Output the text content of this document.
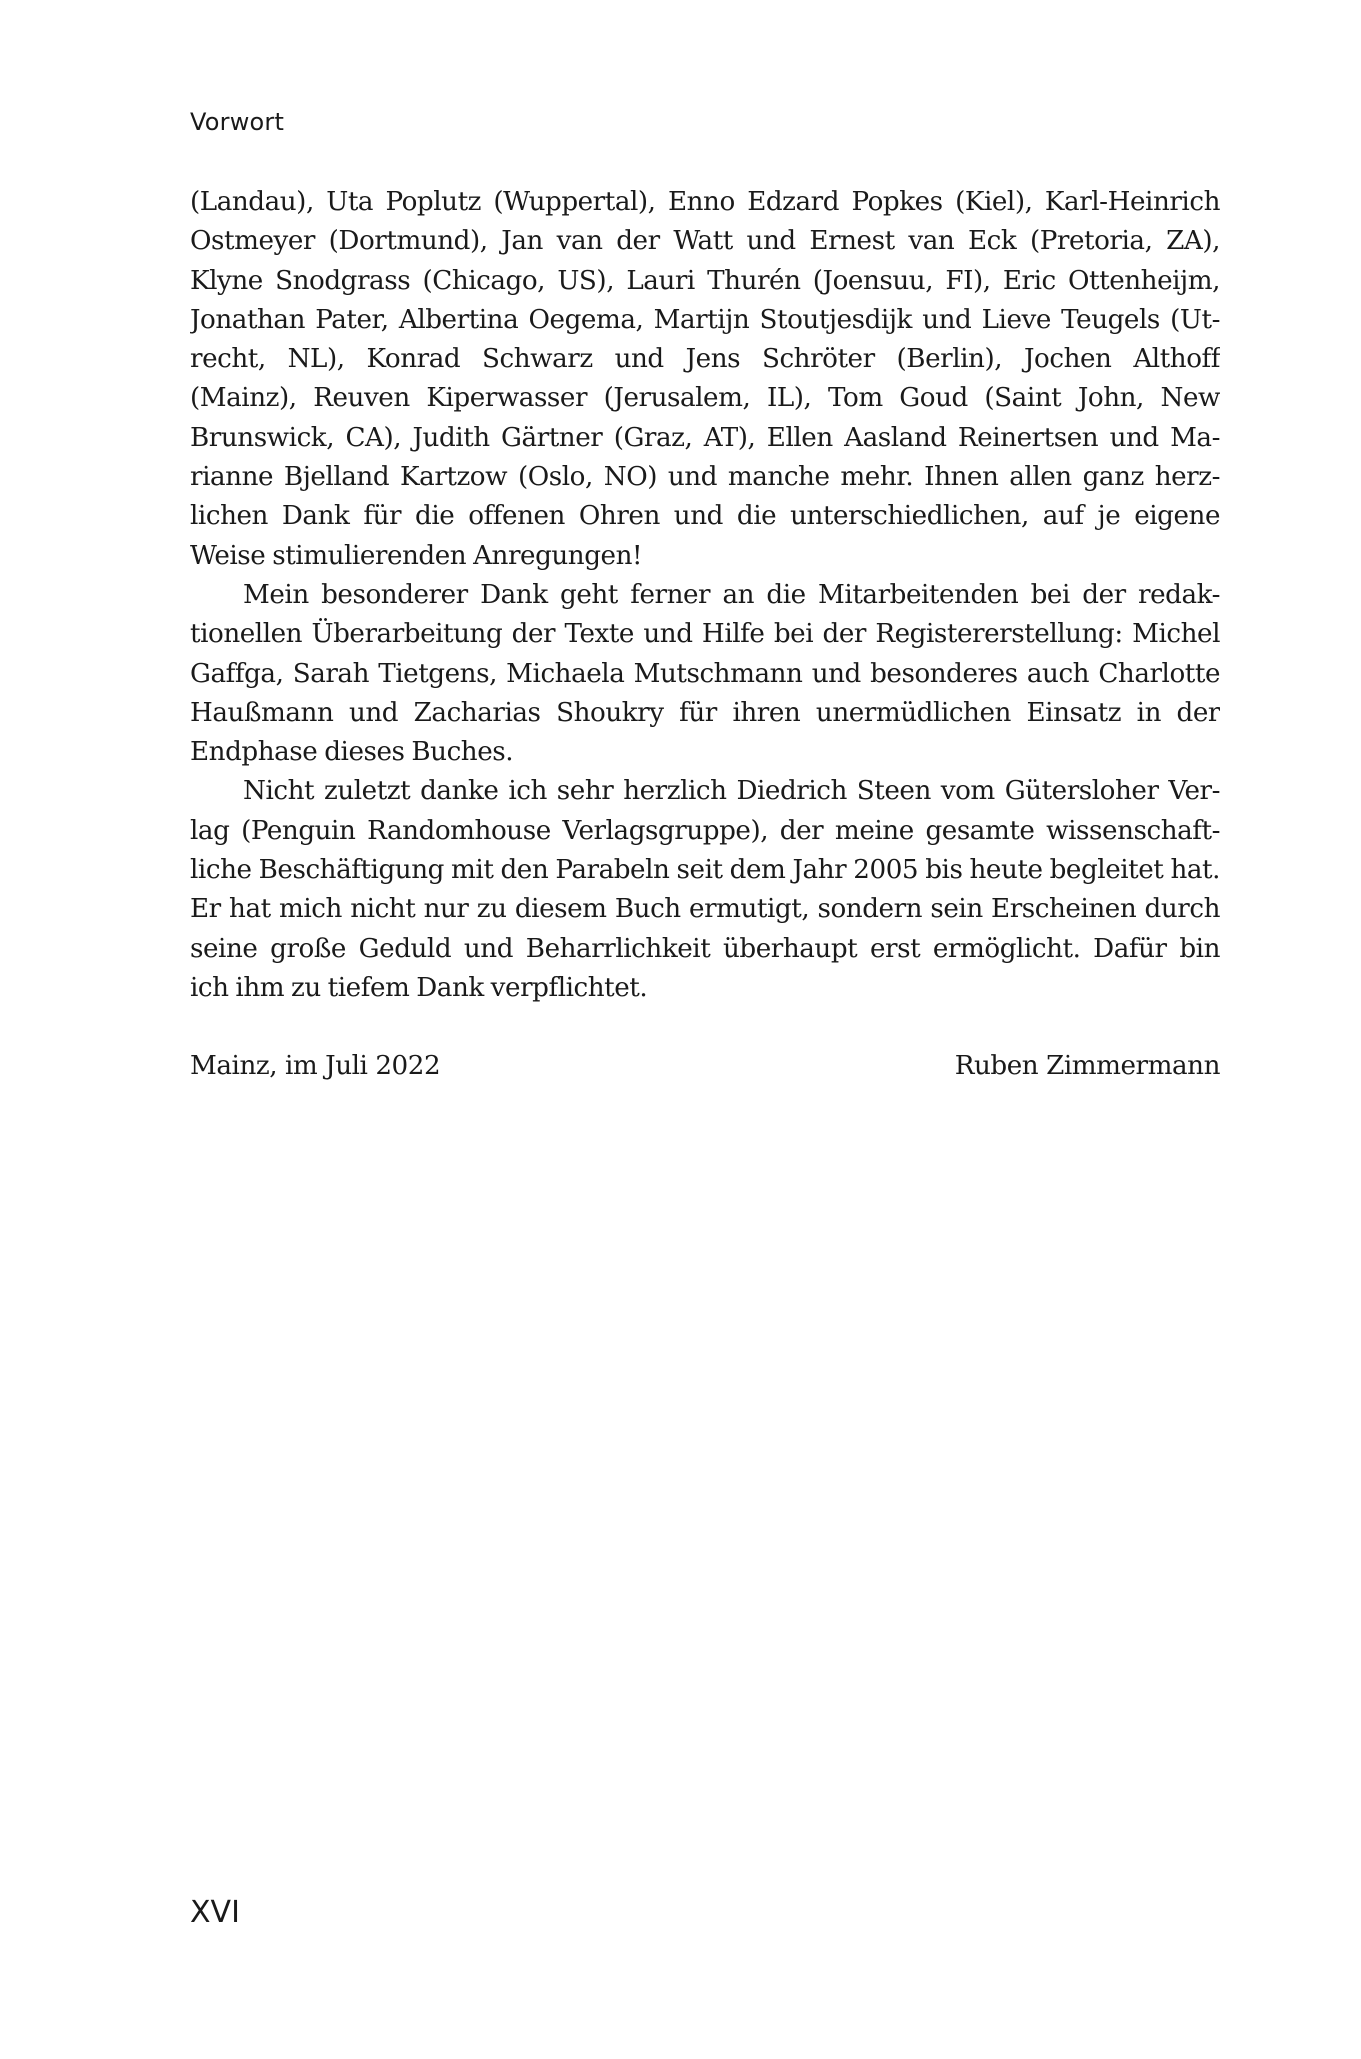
Vorwort
(Landau), Uta Poplutz (Wuppertal), Enno Edzard Popkes (Kiel), Karl-Heinrich
Ostmeyer (Dortmund), Jan van der Watt und Ernest van Eck (Pretoria, ZA),
Klyne Snodgrass (Chicago, US), Lauri Thurén (Joensuu, FI), Eric Ottenheijm,
Jonathan Pater, Albertina Oegema, Martijn Stoutjesdijk und Lieve Teugels (Ut-
recht, NL), Konrad Schwarz und Jens Schröter (Berlin), Jochen Althoff
(Mainz), Reuven Kiperwasser (Jerusalem, IL), Tom Goud (Saint John, New
Brunswick, CA), Judith Gärtner (Graz, AT), Ellen Aasland Reinertsen und Ma-
rianne Bjelland Kartzow (Oslo, NO) und manche mehr. Ihnen allen ganz herz-
lichen Dank für die offenen Ohren und die unterschiedlichen, auf je eigene
Weise stimulierenden Anregungen!
Mein besonderer Dank geht ferner an die Mitarbeitenden bei der redak-
tionellen Überarbeitung der Texte und Hilfe bei der Registererstellung: Michel
Gaffga, Sarah Tietgens, Michaela Mutschmann und besonderes auch Charlotte
Haußmann und Zacharias Shoukry für ihren unermüdlichen Einsatz in der
Endphase dieses Buches.
Nicht zuletzt danke ich sehr herzlich Diedrich Steen vom Gütersloher Ver-
lag (Penguin Randomhouse Verlagsgruppe), der meine gesamte wissenschaft-
liche Beschäftigung mit den Parabeln seit dem Jahr 2005 bis heute begleitet hat.
Er hat mich nicht nur zu diesem Buch ermutigt, sondern sein Erscheinen durch
seine große Geduld und Beharrlichkeit überhaupt erst ermöglicht. Dafür bin
ich ihm zu tiefem Dank verpflichtet.
Mainz, im Juli 2022	Ruben Zimmermann
XVI
